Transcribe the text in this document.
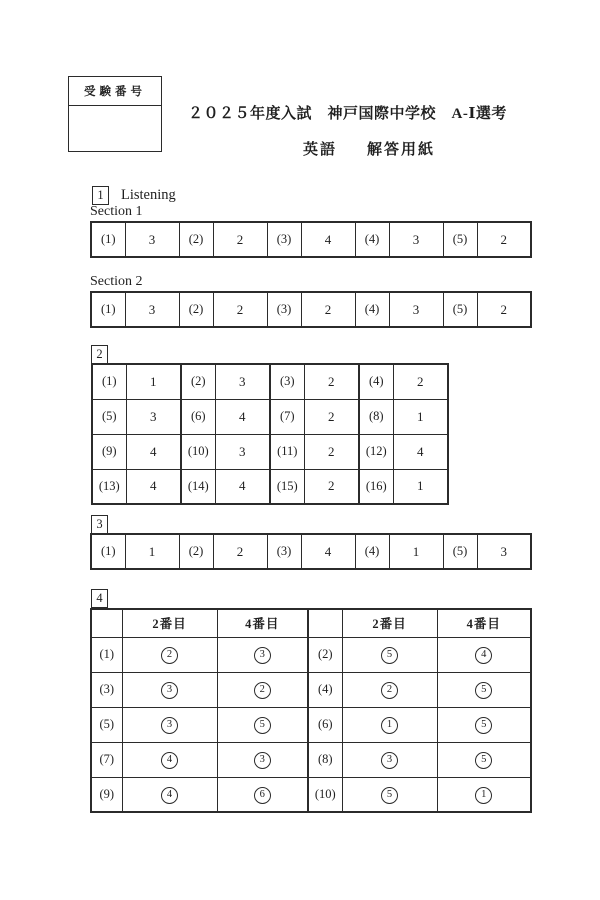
受験番号
２０２５年度入試　神戸国際中学校　A-Ⅰ選考
英語 解答用紙
1	Listening
Section 1
(1)	3	(2)	2	(3)	4	(4)	3	(5)	2
Section 2
(1)	3	(2)	2	(3)	2	(4)	3	(5)	2
2
(1)	1	(2)	3	(3)	2	(4)	2
(5)	3	(6)	4	(7)	2	(8)	1
(9)	4	(10)	3	(11)	2	(12)	4
(13)	4	(14)	4	(15)	2	(16)	1
3
(1)	1	(2)	2	(3)	4	(4)	1	(5)	3
4
	2番目	4番目		2番目	4番目
(1)	2	3	(2)	5	4
(3)	3	2	(4)	2	5
(5)	3	5	(6)	1	5
(7)	4	3	(8)	3	5
(9)	4	6	(10)	5	1
